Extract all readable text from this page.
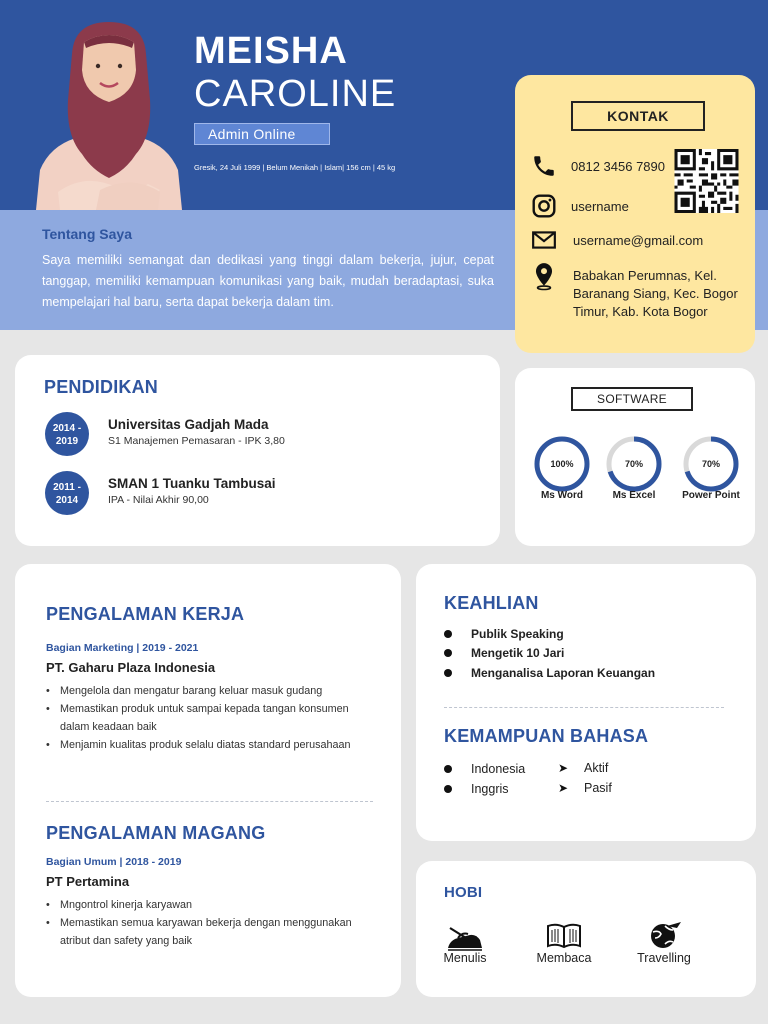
MEISHA
CAROLINE
Admin Online
Gresik, 24 Juli 1999 | Belum Menikah | Islam| 156 cm | 45 kg
Tentang Saya
Saya memiliki semangat dan dedikasi yang tinggi dalam bekerja, jujur, cepat tanggap, memiliki kemampuan komunikasi yang baik, mudah beradaptasi, suka mempelajari hal baru, serta dapat bekerja dalam tim.
KONTAK
0812 3456 7890
username
username@gmail.com
Babakan Perumnas, Kel. Baranang Siang, Kec. Bogor Timur, Kab. Kota Bogor
PENDIDIKAN
2014 -
2019
Universitas Gadjah Mada
S1 Manajemen Pemasaran - IPK 3,80
2011 -
2014
SMAN 1 Tuanku Tambusai
IPA - Nilai Akhir 90,00
SOFTWARE
100%
Ms Word
70%
Ms Excel
70%
Power Point
PENGALAMAN KERJA
Bagian Marketing | 2019 - 2021
PT. Gaharu Plaza Indonesia
• Mengelola dan mengatur barang keluar masuk gudang
• Memastikan produk untuk sampai kepada tangan konsumen dalam keadaan baik
• Menjamin kualitas produk selalu diatas standard perusahaan
PENGALAMAN MAGANG
Bagian Umum | 2018 - 2019
PT Pertamina
• Mngontrol kinerja karyawan
• Memastikan semua karyawan bekerja dengan menggunakan atribut dan safety yang baik
KEAHLIAN
Publik Speaking
Mengetik 10 Jari
Menganalisa Laporan Keuangan
KEMAMPUAN BAHASA
Indonesia	➤ Aktif
Inggris	➤ Pasif
HOBI
Menulis	Membaca	Travelling
